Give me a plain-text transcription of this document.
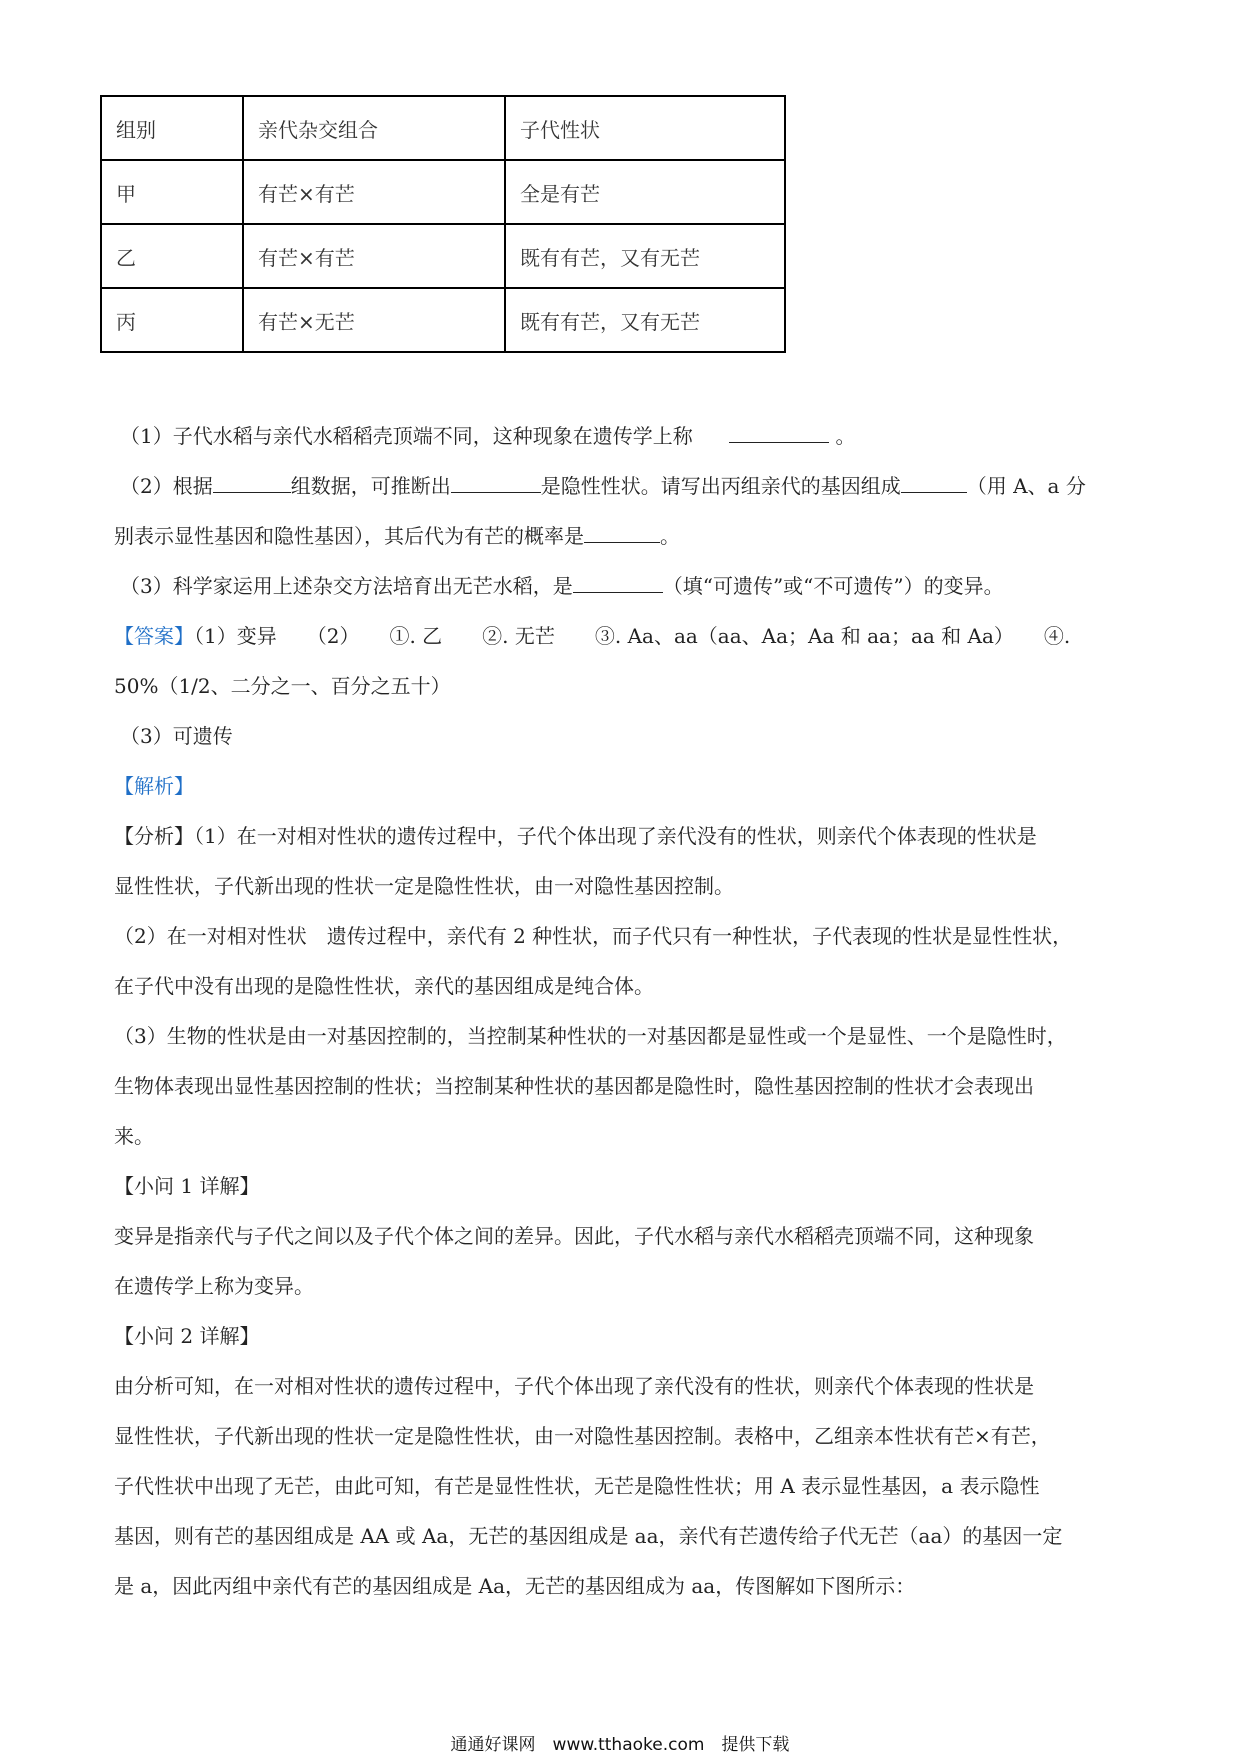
组别	亲代杂交组合	子代性状
甲	有芒×有芒	全是有芒
乙	有芒×有芒	既有有芒，又有无芒
丙	有芒×无芒	既有有芒，又有无芒
（1）子代水稻与亲代水稻稻壳顶端不同，这种现象在遗传学上称	。
（2）根据	组数据，可推断出	是隐性性状。请写出丙组亲代的基因组成	（用 A、a 分
别表示显性基因和隐性基因），其后代为有芒的概率是	。
（3）科学家运用上述杂交方法培育出无芒水稻，是	（填“可遗传”或“不可遗传”）的变异。
【答案】（1）变异　　（2）　　①. 乙　　②. 无芒　　③. Aa、aa（aa、Aa；Aa 和 aa；aa 和 Aa）　　④.
50%（1/2、二分之一、百分之五十）
（3）可遗传
【解析】
【分析】（1）在一对相对性状的遗传过程中，子代个体出现了亲代没有的性状，则亲代个体表现的性状是
显性性状，子代新出现的性状一定是隐性性状，由一对隐性基因控制。
（2）在一对相对性状　遗传过程中，亲代有 2 种性状，而子代只有一种性状，子代表现的性状是显性性状，
在子代中没有出现的是隐性性状，亲代的基因组成是纯合体。
（3）生物的性状是由一对基因控制的，当控制某种性状的一对基因都是显性或一个是显性、一个是隐性时，
生物体表现出显性基因控制的性状；当控制某种性状的基因都是隐性时，隐性基因控制的性状才会表现出
来。
【小问 1 详解】
变异是指亲代与子代之间以及子代个体之间的差异。因此，子代水稻与亲代水稻稻壳顶端不同，这种现象
在遗传学上称为变异。
【小问 2 详解】
由分析可知，在一对相对性状的遗传过程中，子代个体出现了亲代没有的性状，则亲代个体表现的性状是
显性性状，子代新出现的性状一定是隐性性状，由一对隐性基因控制。表格中，乙组亲本性状有芒×有芒，
子代性状中出现了无芒，由此可知，有芒是显性性状，无芒是隐性性状；用 A 表示显性基因，a 表示隐性
基因，则有芒的基因组成是 AA 或 Aa，无芒的基因组成是 aa，亲代有芒遗传给子代无芒（aa）的基因一定
是 a，因此丙组中亲代有芒的基因组成是 Aa，无芒的基因组成为 aa，传图解如下图所示：
通通好课网　www.tthaoke.com　提供下载
